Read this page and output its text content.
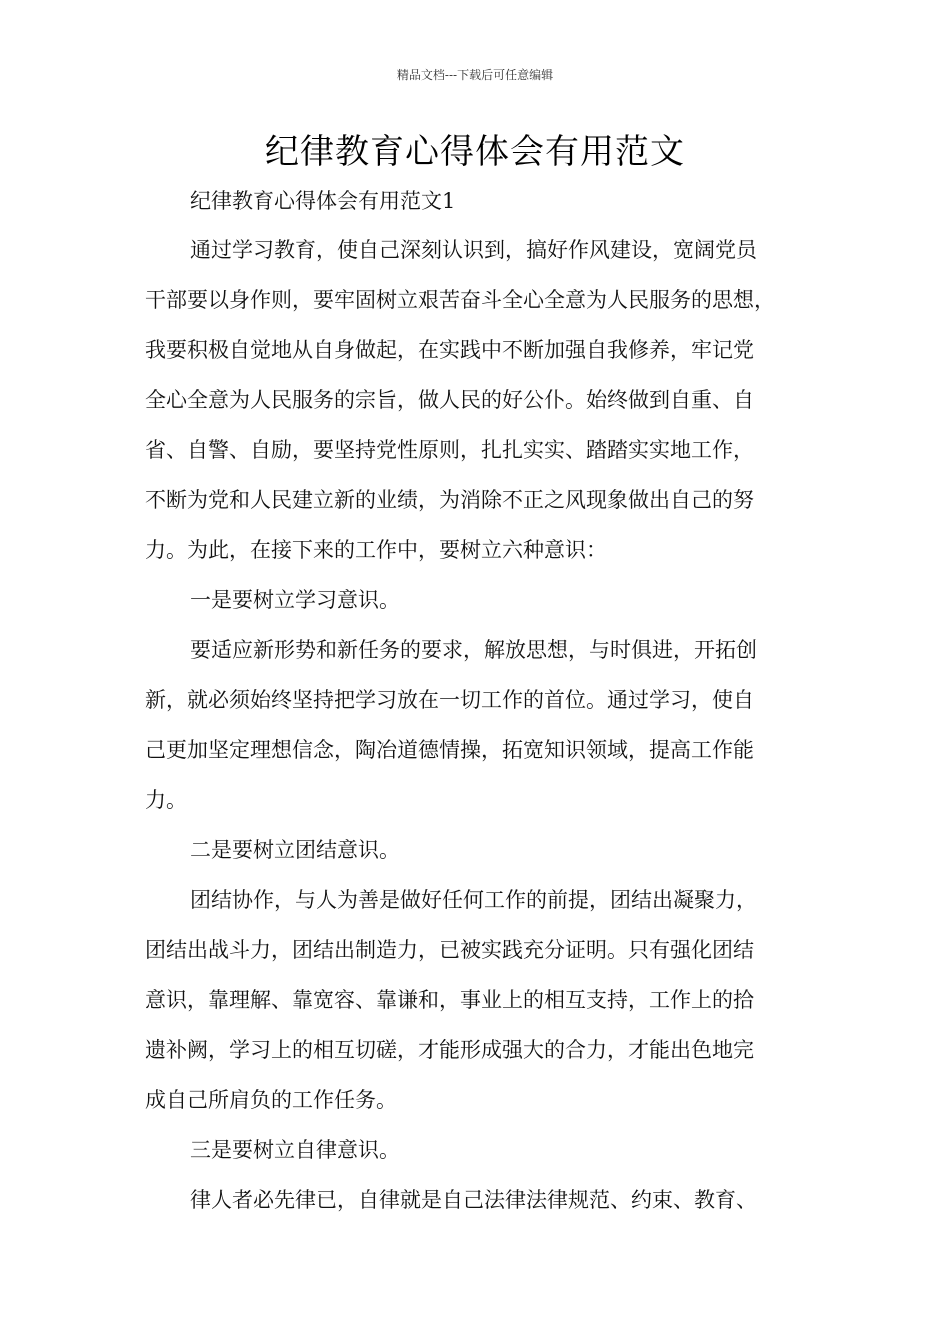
精品文档---下载后可任意编辑
纪律教育心得体会有用范文
纪律教育心得体会有用范文1
通过学习教育，使自己深刻认识到，搞好作风建设，宽阔党员
干部要以身作则，要牢固树立艰苦奋斗全心全意为人民服务的思想，
我要积极自觉地从自身做起，在实践中不断加强自我修养，牢记党
全心全意为人民服务的宗旨，做人民的好公仆。始终做到自重、自
省、自警、自励，要坚持党性原则，扎扎实实、踏踏实实地工作，
不断为党和人民建立新的业绩，为消除不正之风现象做出自己的努
力。为此，在接下来的工作中，要树立六种意识：
一是要树立学习意识。
要适应新形势和新任务的要求，解放思想，与时俱进，开拓创
新，就必须始终坚持把学习放在一切工作的首位。通过学习，使自
己更加坚定理想信念，陶冶道德情操，拓宽知识领域，提高工作能
力。
二是要树立团结意识。
团结协作，与人为善是做好任何工作的前提，团结出凝聚力，
团结出战斗力，团结出制造力，已被实践充分证明。只有强化团结
意识，靠理解、靠宽容、靠谦和，事业上的相互支持，工作上的拾
遗补阙，学习上的相互切磋，才能形成强大的合力，才能出色地完
成自己所肩负的工作任务。
三是要树立自律意识。
律人者必先律已，自律就是自己法律法律规范、约束、教育、
